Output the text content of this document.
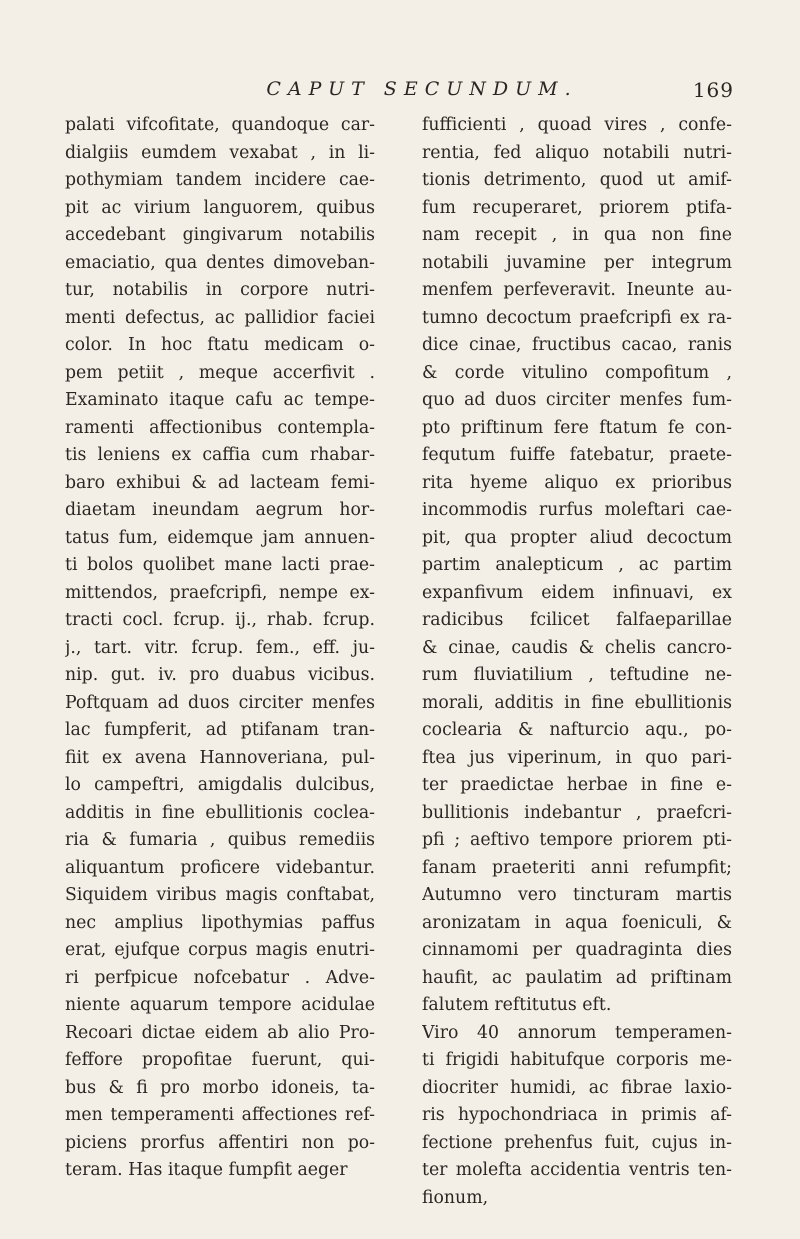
CAPUT SECUNDUM.	169
palati vifcofitate, quandoque car-
dialgiis eumdem vexabat , in li-
pothymiam tandem incidere cae-
pit ac virium languorem, quibus
accedebant gingivarum notabilis
emaciatio, qua dentes dimoveban-
tur, notabilis in corpore nutri-
menti defectus, ac pallidior faciei
color. In hoc ftatu medicam o-
pem petiit , meque accerfivit .
Examinato itaque cafu ac tempe-
ramenti affectionibus contempla-
tis leniens ex caffia cum rhabar-
baro exhibui & ad lacteam femi-
diaetam ineundam aegrum hor-
tatus fum, eidemque jam annuen-
ti bolos quolibet mane lacti prae-
mittendos, praefcripfi, nempe ex-
tracti cocl. fcrup. ij., rhab. fcrup.
j., tart. vitr. fcrup. fem., eff. ju-
nip. gut. iv. pro duabus vicibus.
Poftquam ad duos circiter menfes
lac fumpferit, ad ptifanam tran-
fiit ex avena Hannoveriana, pul-
lo campeftri, amigdalis dulcibus,
additis in fine ebullitionis coclea-
ria & fumaria , quibus remediis
aliquantum proficere videbantur.
Siquidem viribus magis conftabat,
nec amplius lipothymias paffus
erat, ejufque corpus magis enutri-
ri perfpicue nofcebatur . Adve-
niente aquarum tempore acidulae
Recoari dictae eidem ab alio Pro-
feffore propofitae fuerunt, qui-
bus & fi pro morbo idoneis, ta-
men temperamenti affectiones ref-
piciens prorfus affentiri non po-
teram. Has itaque fumpfit aeger
fufficienti , quoad vires , confe-
rentia, fed aliquo notabili nutri-
tionis detrimento, quod ut amif-
fum recuperaret, priorem ptifa-
nam recepit , in qua non fine
notabili juvamine per integrum
menfem perfeveravit. Ineunte au-
tumno decoctum praefcripfi ex ra-
dice cinae, fructibus cacao, ranis
& corde vitulino compofitum ,
quo ad duos circiter menfes fum-
pto priftinum fere ftatum fe con-
fequtum fuiffe fatebatur, praete-
rita hyeme aliquo ex prioribus
incommodis rurfus moleftari cae-
pit, qua propter aliud decoctum
partim analepticum , ac partim
expanfivum eidem infinuavi, ex
radicibus fcilicet falfaeparillae
& cinae, caudis & chelis cancro-
rum fluviatilium , teftudine ne-
morali, additis in fine ebullitionis
coclearia & nafturcio aqu., po-
ftea jus viperinum, in quo pari-
ter praedictae herbae in fine e-
bullitionis indebantur , praefcri-
pfi ; aeftivo tempore priorem pti-
fanam praeteriti anni refumpfit;
Autumno vero tincturam martis
aronizatam in aqua foeniculi, &
cinnamomi per quadraginta dies
haufit, ac paulatim ad priftinam
falutem reftitutus eft.
Viro 40 annorum temperamen-
ti frigidi habitufque corporis me-
diocriter humidi, ac fibrae laxio-
ris hypochondriaca in primis af-
fectione prehenfus fuit, cujus in-
ter molefta accidentia ventris ten-
fionum,
